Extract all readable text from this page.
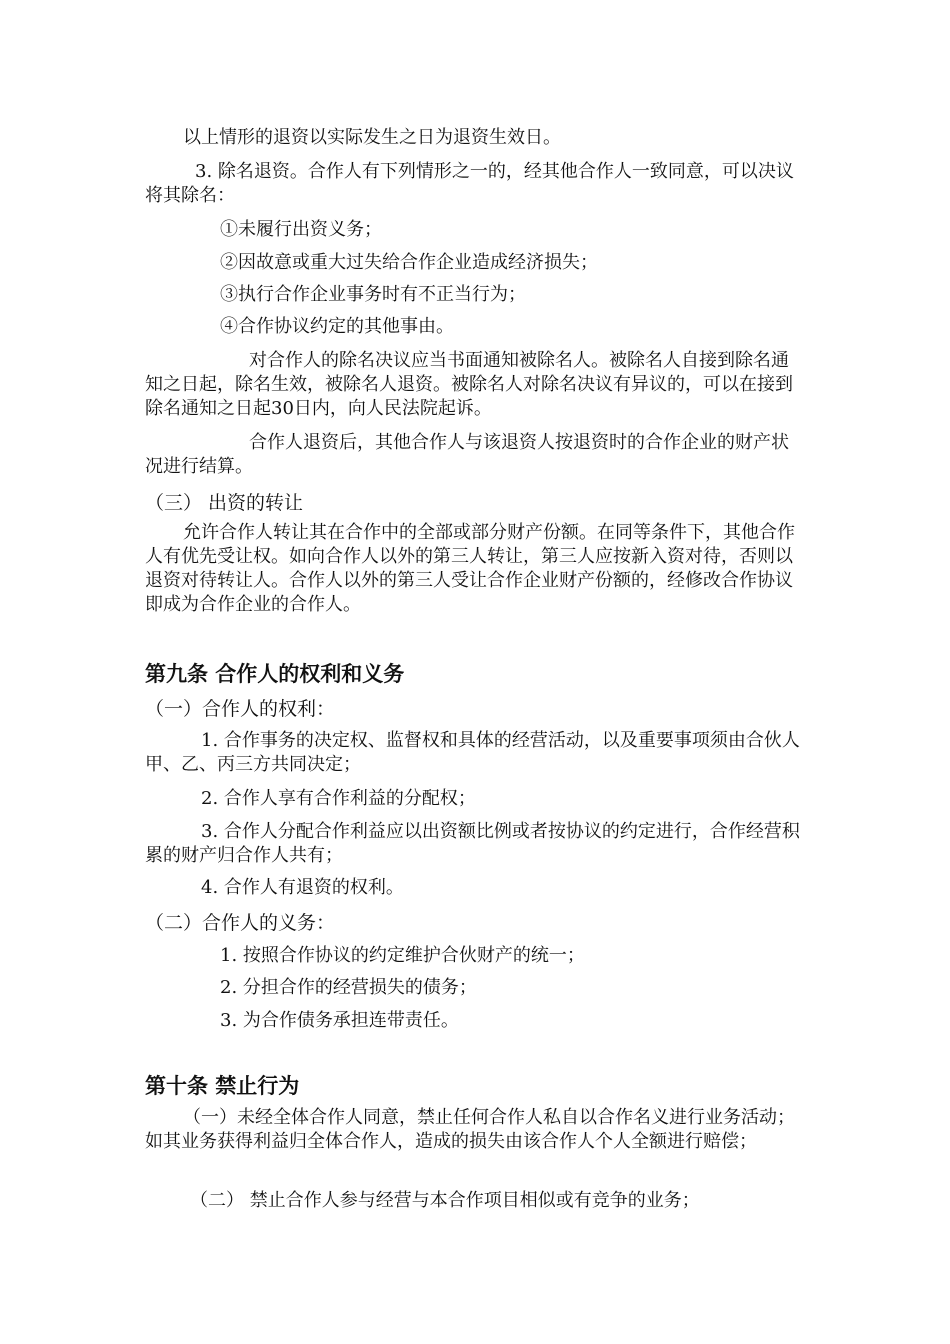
以上情形的退资以实际发生之日为退资生效日。

3. 除名退资。合作人有下列情形之一的，经其他合作人一致同意，可以决议将其除名：

①未履行出资义务；

②因故意或重大过失给合作企业造成经济损失；

③执行合作企业事务时有不正当行为；

④合作协议约定的其他事由。

对合作人的除名决议应当书面通知被除名人。被除名人自接到除名通知之日起，除名生效，被除名人退资。被除名人对除名决议有异议的，可以在接到除名通知之日起30日内，向人民法院起诉。

合作人退资后，其他合作人与该退资人按退资时的合作企业的财产状况进行结算。

（三） 出资的转让

允许合作人转让其在合作中的全部或部分财产份额。在同等条件下，其他合作人有优先受让权。如向合作人以外的第三人转让，第三人应按新入资对待，否则以退资对待转让人。合作人以外的第三人受让合作企业财产份额的，经修改合作协议即成为合作企业的合作人。

第九条 合作人的权利和义务

（一）合作人的权利：

1. 合作事务的决定权、监督权和具体的经营活动，以及重要事项须由合伙人甲、乙、丙三方共同决定；

2. 合作人享有合作利益的分配权；

3. 合作人分配合作利益应以出资额比例或者按协议的约定进行，合作经营积累的财产归合作人共有；

4. 合作人有退资的权利。

（二）合作人的义务：

1. 按照合作协议的约定维护合伙财产的统一；

2. 分担合作的经营损失的债务；

3. 为合作债务承担连带责任。

第十条 禁止行为

（一）未经全体合作人同意，禁止任何合作人私自以合作名义进行业务活动；如其业务获得利益归全体合作人，造成的损失由该合作人个人全额进行赔偿；

（二） 禁止合作人参与经营与本合作项目相似或有竞争的业务；
